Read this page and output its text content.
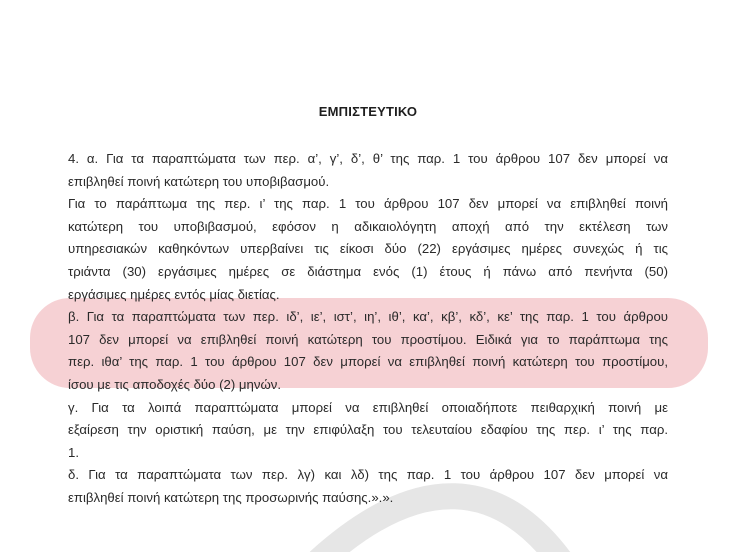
ΕΜΠΙΣΤΕΥΤΙΚΟ
4. α. Για τα παραπτώματα των περ. α’, γ’, δ’, θ’ της παρ. 1 του άρθρου 107 δεν μπορεί να
επιβληθεί ποινή κατώτερη του υποβιβασμού.
Για το παράπτωμα της περ. ι’ της παρ. 1 του άρθρου 107 δεν μπορεί να επιβληθεί ποινή
κατώτερη του υποβιβασμού, εφόσον η αδικαιολόγητη αποχή από την εκτέλεση των
υπηρεσιακών καθηκόντων υπερβαίνει τις είκοσι δύο (22) εργάσιμες ημέρες συνεχώς ή τις
τριάντα (30) εργάσιμες ημέρες σε διάστημα ενός (1) έτους ή πάνω από πενήντα (50)
εργάσιμες ημέρες εντός μίας διετίας.
β. Για τα παραπτώματα των περ. ιδ’, ιε’, ιστ’, ιη’, ιθ’, κα’, κβ’, κδ’, κε’ της παρ. 1 του άρθρου
107 δεν μπορεί να επιβληθεί ποινή κατώτερη του προστίμου. Ειδικά για το παράπτωμα της
περ. ιθα’ της παρ. 1 του άρθρου 107 δεν μπορεί να επιβληθεί ποινή κατώτερη του προστίμου,
ίσου με τις αποδοχές δύο (2) μηνών.
γ. Για τα λοιπά παραπτώματα μπορεί να επιβληθεί οποιαδήποτε πειθαρχική ποινή με
εξαίρεση την οριστική παύση, με την επιφύλαξη του τελευταίου εδαφίου της περ. ι’ της παρ.
1.
δ. Για τα παραπτώματα των περ. λγ) και λδ) της παρ. 1 του άρθρου 107 δεν μπορεί να
επιβληθεί ποινή κατώτερη της προσωρινής παύσης.».».
